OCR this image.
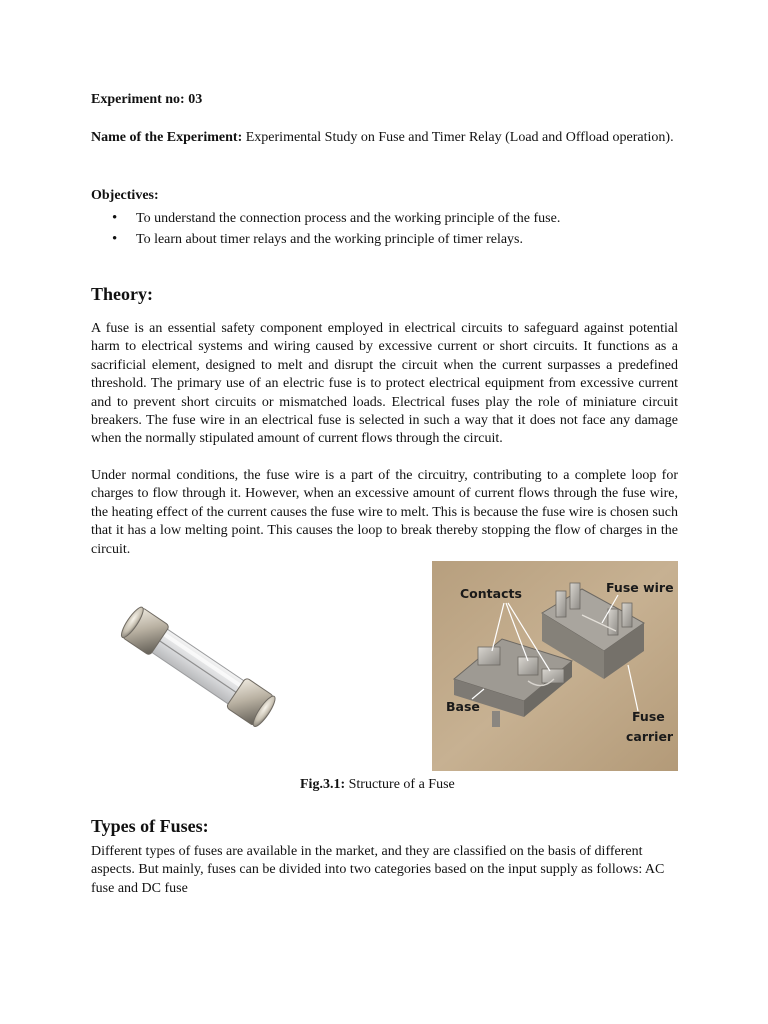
Experiment no: 03
Name of the Experiment: Experimental Study on Fuse and Timer Relay (Load and Offload operation).
Objectives:
• To understand the connection process and the working principle of the fuse.
• To learn about timer relays and the working principle of timer relays.
Theory:

A fuse is an essential safety component employed in electrical circuits to safeguard against potential harm to electrical systems and wiring caused by excessive current or short circuits. It functions as a sacrificial element, designed to melt and disrupt the circuit when the current surpasses a predefined threshold. The primary use of an electric fuse is to protect electrical equipment from excessive current and to prevent short circuits or mismatched loads. Electrical fuses play the role of miniature circuit breakers. The fuse wire in an electrical fuse is selected in such a way that it does not face any damage when the normally stipulated amount of current flows through the circuit.

Under normal conditions, the fuse wire is a part of the circuitry, contributing to a complete loop for charges to flow through it. However, when an excessive amount of current flows through the fuse wire, the heating effect of the current causes the fuse wire to melt. This is because the fuse wire is chosen such that it has a low melting point. This causes the loop to break thereby stopping the flow of charges in the circuit.

Contacts	Fuse wire
Base
Fuse
carrier
Fig.3.1: Structure of a Fuse
Types of Fuses:

Different types of fuses are available in the market, and they are classified on the basis of different aspects. But mainly, fuses can be divided into two categories based on the input supply as follows: AC fuse and DC fuse
